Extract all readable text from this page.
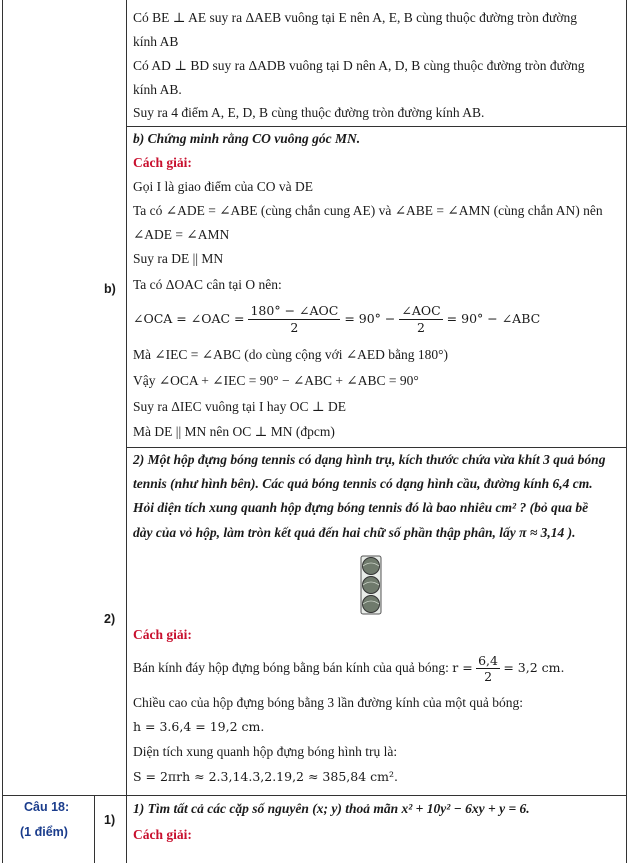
Có BE ⊥ AE suy ra ΔAEB vuông tại E nên A, E, B cùng thuộc đường tròn đường
kính AB
Có AD ⊥ BD suy ra ΔADB vuông tại D nên A, D, B cùng thuộc đường tròn đường
kính AB.
Suy ra 4 điểm A, E, D, B cùng thuộc đường tròn đường kính AB.
b)
b) Chứng minh rằng CO vuông góc MN.
Cách giải:
Gọi I là giao điểm của CO và DE
Ta có ∠ADE = ∠ABE (cùng chắn cung AE) và ∠ABE = ∠AMN (cùng chắn AN) nên
∠ADE = ∠AMN
Suy ra DE || MN
Ta có ΔOAC cân tại O nên:
∠OCA = ∠OAC = $\frac{\text{180° − ∠AOC}}{2} = 90^\circ - \frac{\text{∠AOC}}{2} = 90^\circ$ − ∠ABC
Mà ∠IEC = ∠ABC (do cùng cộng với ∠AED bằng 180°)
Vậy ∠OCA + ∠IEC = 90° − ∠ABC + ∠ABC = 90°
Suy ra ΔIEC vuông tại I hay OC ⊥ DE
Mà DE || MN nên OC ⊥ MN (đpcm)
2)
2) Một hộp đựng bóng tennis có dạng hình trụ, kích thước chứa vừa khít 3 quả bóng
tennis (như hình bên). Các quả bóng tennis có dạng hình cầu, đường kính 6,4 cm.
Hỏi diện tích xung quanh hộp đựng bóng tennis đó là bao nhiêu cm² ? (bỏ qua bề
dày của vỏ hộp, làm tròn kết quả đến hai chữ số phần thập phân, lấy π ≈ 3,14 ).
Cách giải:
Bán kính đáy hộp đựng bóng bằng bán kính của quả bóng: $r = \frac{6,4}{2} = 3,2$ cm.
Chiều cao của hộp đựng bóng bằng 3 lần đường kính của một quả bóng:
h = 3.6,4 = 19,2 cm.
Diện tích xung quanh hộp đựng bóng hình trụ là:
S = 2πrh ≈ 2.3,14.3,2.19,2 ≈ 385,84 cm².
Câu 18:
(1 điểm)
1)
1) Tìm tất cả các cặp số nguyên (x; y) thoả mãn x² + 10y² − 6xy + y = 6.
Cách giải:
